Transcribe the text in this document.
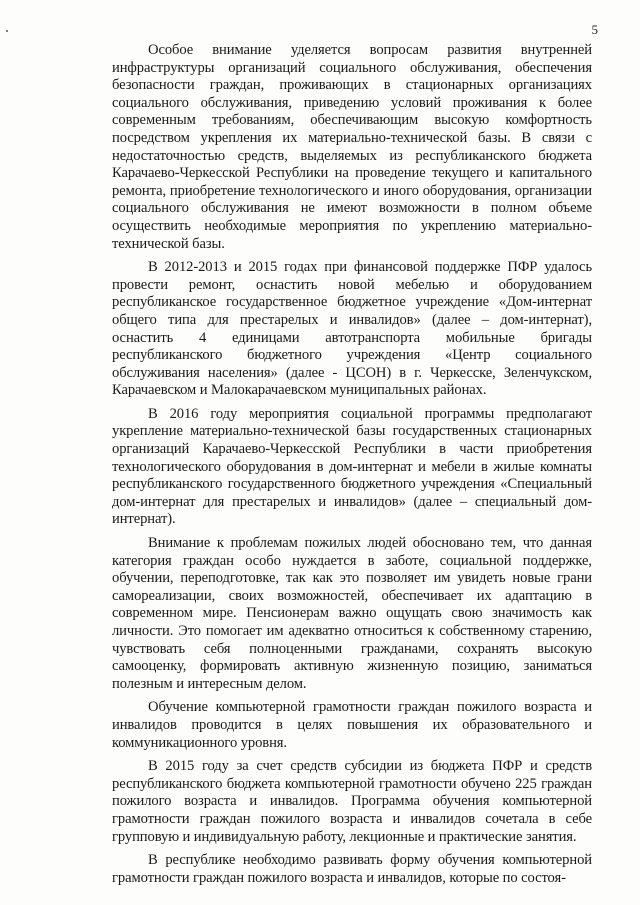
5

Особое внимание уделяется вопросам развития внутренней инфраструктуры организаций социального обслуживания, обеспечения безопасности граждан, проживающих в стационарных организациях социального обслуживания, приведению условий проживания к более современным требованиям, обеспечивающим высокую комфортность посредством укрепления их материально-технической базы. В связи с недостаточностью средств, выделяемых из республиканского бюджета Карачаево-Черкесской Республики на проведение текущего и капитального ремонта, приобретение технологического и иного оборудования, организации социального обслуживания не имеют возможности в полном объеме осуществить необходимые мероприятия по укреплению материально-технической базы.

В 2012-2013 и 2015 годах при финансовой поддержке ПФР удалось провести ремонт, оснастить новой мебелью и оборудованием республиканское государственное бюджетное учреждение «Дом-интернат общего типа для престарелых и инвалидов» (далее – дом-интернат), оснастить 4 единицами автотранспорта мобильные бригады республиканского бюджетного учреждения «Центр социального обслуживания населения» (далее - ЦСОН) в г. Черкесске, Зеленчукском, Карачаевском и Малокарачаевском муниципальных районах.

В 2016 году мероприятия социальной программы предполагают укрепление материально-технической базы государственных стационарных организаций Карачаево-Черкесской Республики в части приобретения технологического оборудования в дом-интернат и мебели в жилые комнаты республиканского государственного бюджетного учреждения «Специальный дом-интернат для престарелых и инвалидов» (далее – специальный дом-интернат).

Внимание к проблемам пожилых людей обосновано тем, что данная категория граждан особо нуждается в заботе, социальной поддержке, обучении, переподготовке, так как это позволяет им увидеть новые грани самореализации, своих возможностей, обеспечивает их адаптацию в современном мире. Пенсионерам важно ощущать свою значимость как личности. Это помогает им адекватно относиться к собственному старению, чувствовать себя полноценными гражданами, сохранять высокую самооценку, формировать активную жизненную позицию, заниматься полезным и интересным делом.

Обучение компьютерной грамотности граждан пожилого возраста и инвалидов проводится в целях повышения их образовательного и коммуникационного уровня.

В 2015 году за счет средств субсидии из бюджета ПФР и средств республиканского бюджета компьютерной грамотности обучено 225 граждан пожилого возраста и инвалидов. Программа обучения компьютерной грамотности граждан пожилого возраста и инвалидов сочетала в себе групповую и индивидуальную работу, лекционные и практические занятия.

В республике необходимо развивать форму обучения компьютерной грамотности граждан пожилого возраста и инвалидов, которые по состоя-
